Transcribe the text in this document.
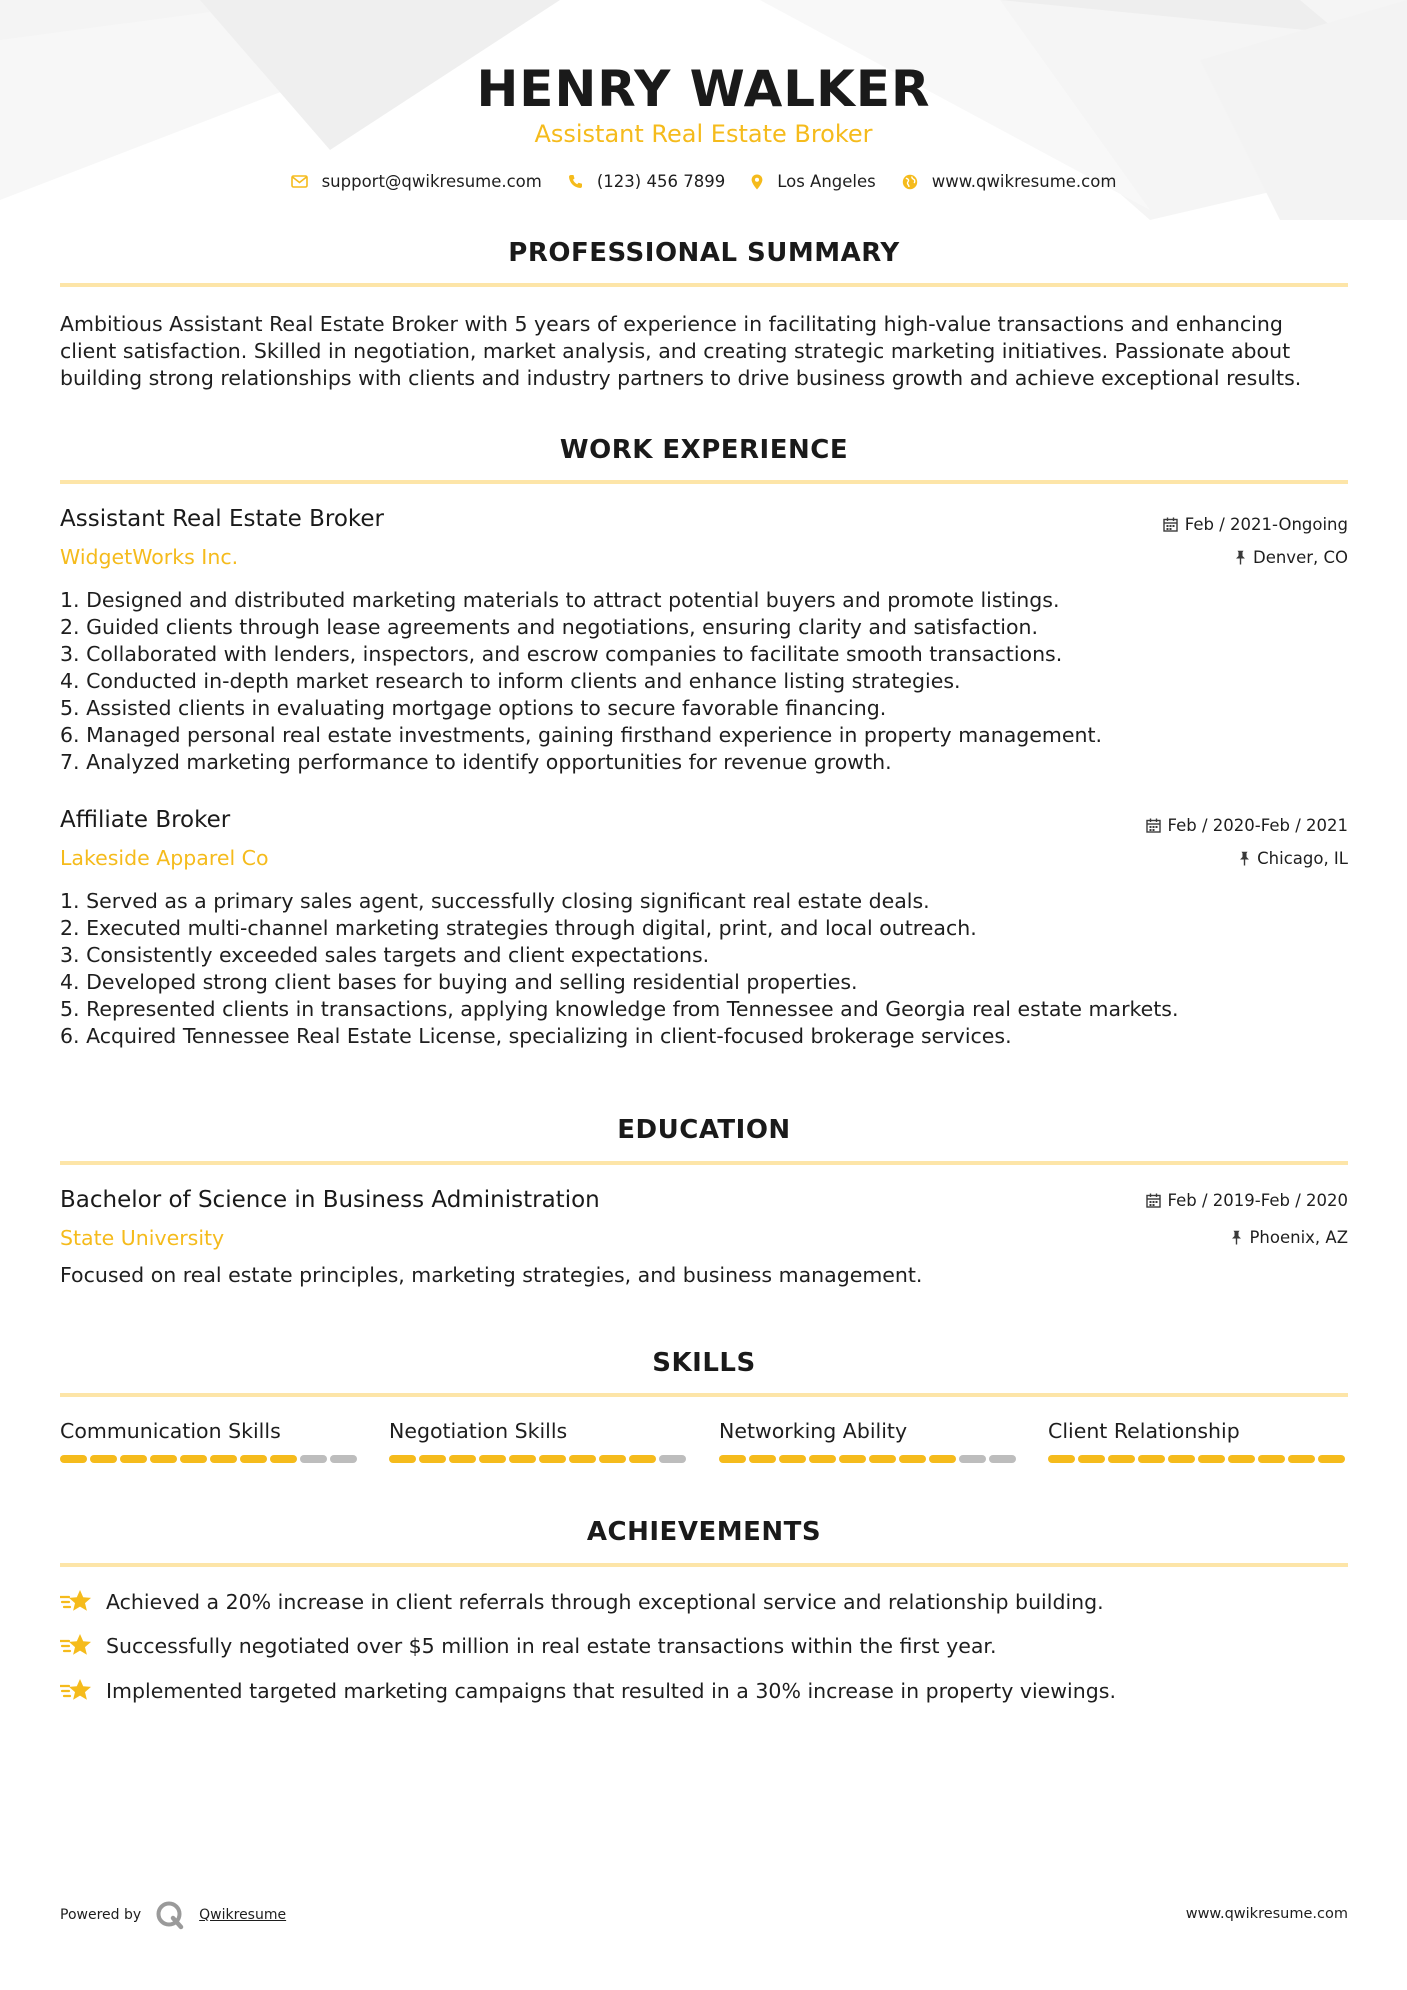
HENRY WALKER
Assistant Real Estate Broker
support@qwikresume.com	(123) 456 7899	Los Angeles	www.qwikresume.com
PROFESSIONAL SUMMARY
Ambitious Assistant Real Estate Broker with 5 years of experience in facilitating high-value transactions and enhancing
client satisfaction. Skilled in negotiation, market analysis, and creating strategic marketing initiatives. Passionate about
building strong relationships with clients and industry partners to drive business growth and achieve exceptional results.
WORK EXPERIENCE
Assistant Real Estate Broker	Feb / 2021-Ongoing
WidgetWorks Inc.	Denver, CO
1. Designed and distributed marketing materials to attract potential buyers and promote listings.
2. Guided clients through lease agreements and negotiations, ensuring clarity and satisfaction.
3. Collaborated with lenders, inspectors, and escrow companies to facilitate smooth transactions.
4. Conducted in-depth market research to inform clients and enhance listing strategies.
5. Assisted clients in evaluating mortgage options to secure favorable financing.
6. Managed personal real estate investments, gaining firsthand experience in property management.
7. Analyzed marketing performance to identify opportunities for revenue growth.
Affiliate Broker	Feb / 2020-Feb / 2021
Lakeside Apparel Co	Chicago, IL
1. Served as a primary sales agent, successfully closing significant real estate deals.
2. Executed multi-channel marketing strategies through digital, print, and local outreach.
3. Consistently exceeded sales targets and client expectations.
4. Developed strong client bases for buying and selling residential properties.
5. Represented clients in transactions, applying knowledge from Tennessee and Georgia real estate markets.
6. Acquired Tennessee Real Estate License, specializing in client-focused brokerage services.
EDUCATION
Bachelor of Science in Business Administration	Feb / 2019-Feb / 2020
State University	Phoenix, AZ
Focused on real estate principles, marketing strategies, and business management.
SKILLS
Communication Skills	Negotiation Skills	Networking Ability	Client Relationship
ACHIEVEMENTS
Achieved a 20% increase in client referrals through exceptional service and relationship building.
Successfully negotiated over $5 million in real estate transactions within the first year.
Implemented targeted marketing campaigns that resulted in a 30% increase in property viewings.
Powered by	Qwikresume	www.qwikresume.com
